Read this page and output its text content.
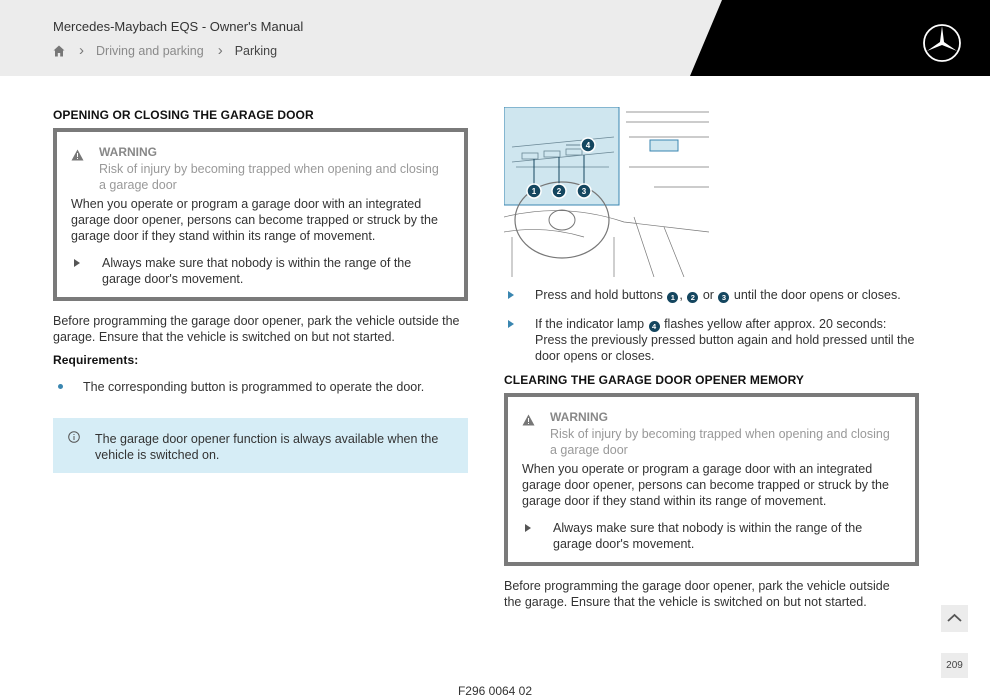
Mercedes-Maybach EQS - Owner's Manual
› Driving and parking › Parking
OPENING OR CLOSING THE GARAGE DOOR
WARNING
Risk of injury by becoming trapped when opening and closing a garage door
When you operate or program a garage door with an integrated garage door opener, persons can become trapped or struck by the garage door if they stand within its range of movement.
Always make sure that nobody is within the range of the garage door's movement.
Before programming the garage door opener, park the vehicle outside the garage. Ensure that the vehicle is switched on but not started.
Requirements:
The corresponding button is programmed to operate the door.
The garage door opener function is always available when the vehicle is switched on.
1	2	3
4
Press and hold buttons 1 , 2 or 3 until the door opens or closes.
If the indicator lamp 4 flashes yellow after approx. 20 seconds: Press the previously pressed button again and hold pressed until the door opens or closes.
CLEARING THE GARAGE DOOR OPENER MEMORY
WARNING
Risk of injury by becoming trapped when opening and closing a garage door
When you operate or program a garage door with an integrated garage door opener, persons can become trapped or struck by the garage door if they stand within its range of movement.
Always make sure that nobody is within the range of the garage door's movement.
Before programming the garage door opener, park the vehicle outside the garage. Ensure that the vehicle is switched on but not started.
209
F296 0064 02
